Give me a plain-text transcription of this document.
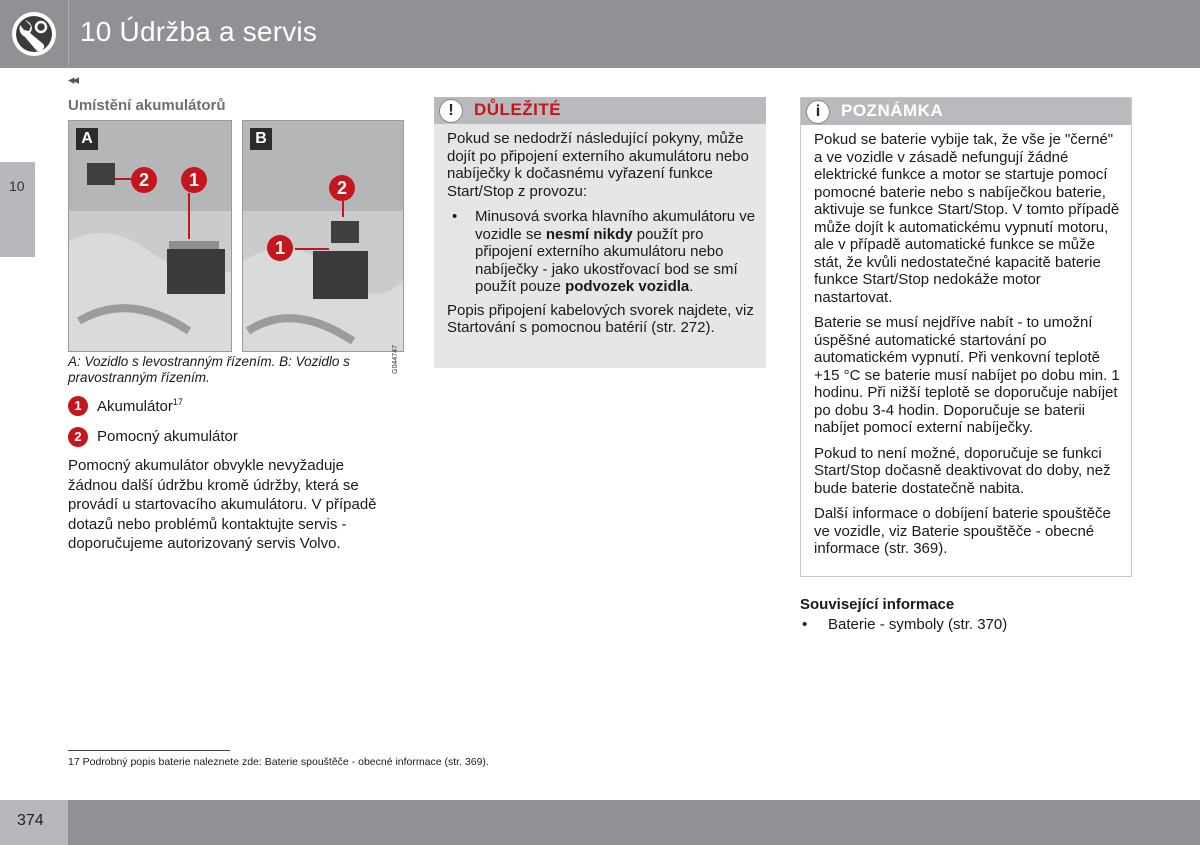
10 Údržba a servis
10
◂◂
Umístění akumulátorů
A
2	1
B
2
1
G044747
A: Vozidlo s levostranným řízením. B: Vozidlo s pravostranným řízením.
1	Akumulátor$^{17}$
2	Pomocný akumulátor

Pomocný akumulátor obvykle nevyžaduje žádnou další údržbu kromě údržby, která se provádí u startovacího akumulátoru. V případě dotazů nebo problémů kontaktujte servis - doporučujeme autorizovaný servis Volvo.

!	DŮLEŽITÉ

Pokud se nedodrží následující pokyny, může dojít po připojení externího akumulátoru nebo nabíječky k dočasnému vyřazení funkce Start/Stop z provozu:

• Minusová svorka hlavního akumulátoru ve vozidle se nesmí nikdy použít pro připojení externího akumulátoru nebo nabíječky - jako ukostřovací bod se smí použít pouze podvozek vozidla.

Popis připojení kabelových svorek najdete, viz Startování s pomocnou batérií (str. 272).

i	POZNÁMKA

Pokud se baterie vybije tak, že vše je "černé" a ve vozidle v zásadě nefungují žádné elektrické funkce a motor se startuje pomocí pomocné baterie nebo s nabíječkou baterie, aktivuje se funkce Start/Stop. V tomto případě může dojít k automatickému vypnutí motoru, ale v případě automatické funkce se může stát, že kvůli nedostatečné kapacitě baterie funkce Start/Stop nedokáže motor nastartovat.

Baterie se musí nejdříve nabít - to umožní úspěšné automatické startování po automatickém vypnutí. Při venkovní teplotě +15 °C se baterie musí nabíjet po dobu min. 1 hodinu. Při nižší teplotě se doporučuje nabíjet po dobu 3-4 hodin. Doporučuje se baterii nabíjet pomocí externí nabíječky.

Pokud to není možné, doporučuje se funkci Start/Stop dočasně deaktivovat do doby, než bude baterie dostatečně nabita.

Další informace o dobíjení baterie spouštěče ve vozidle, viz Baterie spouštěče - obecné informace (str. 369).

Související informace
• Baterie - symboly (str. 370)
17 Podrobný popis baterie naleznete zde: Baterie spouštěče - obecné informace (str. 369).
374
